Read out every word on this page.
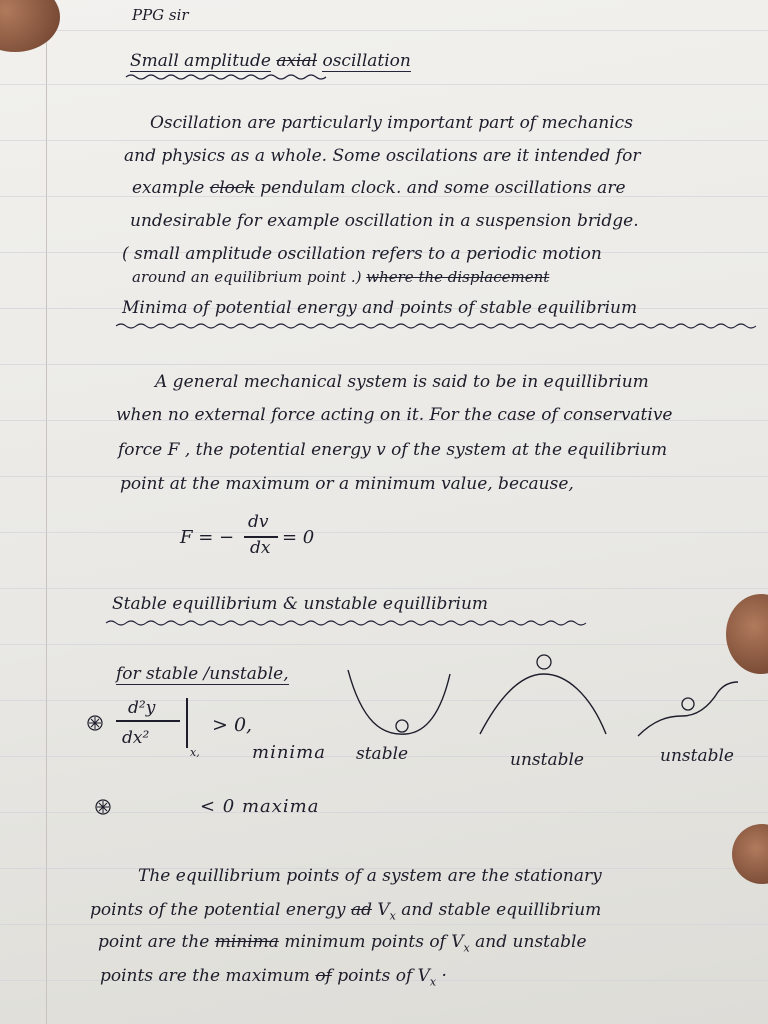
PPG sir
Small amplitude axial oscillation
Oscillation are particularly important part of mechanics
and physics as a whole. Some oscilations are it intended for
example clock pendulam clock. and some oscillations are
undesirable for example oscillation in a suspension bridge.
( small amplitude oscillation refers to a periodic motion
around an equilibrium point .) where the displacement
Minima of potential energy and points of stable equilibrium
A general mechanical system is said to be in equillibrium
when no external force acting on it. For the case of conservative
force F , the potential energy v of the system at the equilibrium
point at the maximum or a minimum value, because,
F = −
dv
dx = 0
Stable equillibrium & unstable equillibrium
for stable /unstable,
d²y
dx²
x,
> 0,
minima
< 0 maxima
stable	unstable	unstable
The equillibrium points of a system are the stationary
points of the potential energy ad $V_x$ and stable equillibrium
point are the minima minimum points of $V_x$ and unstable
points are the maximum of points of $V_x$ ·
